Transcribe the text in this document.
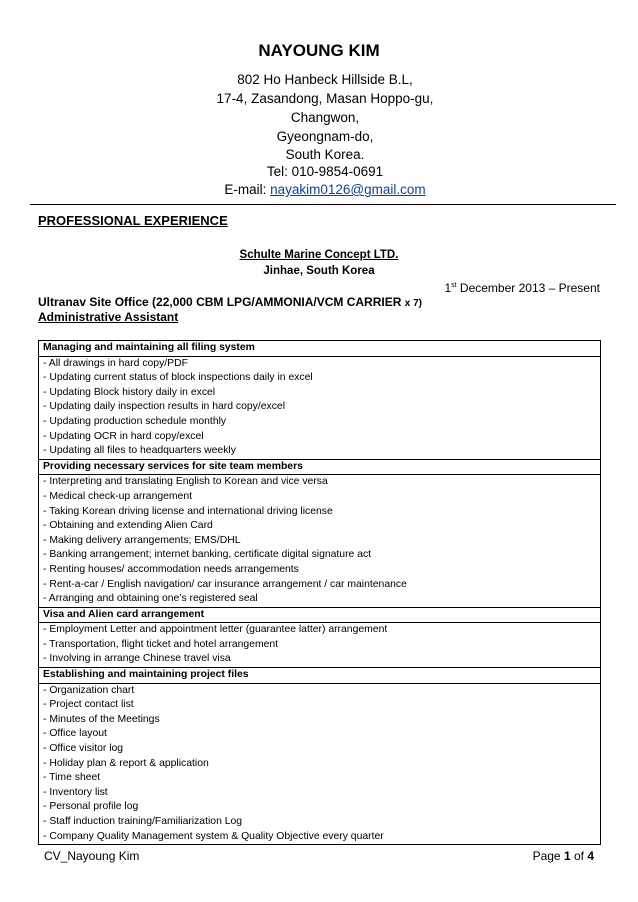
NAYOUNG KIM
802 Ho Hanbeck Hillside B.L,
17-4, Zasandong, Masan Hoppo-gu,
Changwon,
Gyeongnam-do,
South Korea.
Tel: 010-9854-0691
E-mail: nayakim0126@gmail.com
PROFESSIONAL EXPERIENCE
Schulte Marine Concept LTD.
Jinhae, South Korea
1st December 2013 – Present
Ultranav Site Office (22,000 CBM LPG/AMMONIA/VCM CARRIER x 7)
Administrative Assistant
Managing and maintaining all filing system

- All drawings in hard copy/PDF
- Updating current status of block inspections daily in excel
- Updating Block history daily in excel
- Updating daily inspection results in hard copy/excel
- Updating production schedule monthly
- Updating OCR in hard copy/excel
- Updating all files to headquarters weekly

Providing necessary services for site team members

- Interpreting and translating English to Korean and vice versa
- Medical check-up arrangement
- Taking Korean driving license and international driving license
- Obtaining and extending Alien Card
- Making delivery arrangements; EMS/DHL
- Banking arrangement; internet banking, certificate digital signature act
- Renting houses/ accommodation needs arrangements
- Rent-a-car / English navigation/ car insurance arrangement / car maintenance
- Arranging and obtaining one’s registered seal

Visa and Alien card arrangement

- Employment Letter and appointment letter (guarantee latter) arrangement
- Transportation, flight ticket and hotel arrangement
- Involving in arrange Chinese travel visa

Establishing and maintaining project files

- Organization chart
- Project contact list
- Minutes of the Meetings
- Office layout
- Office visitor log
- Holiday plan & report & application
- Time sheet
- Inventory list
- Personal profile log
- Staff induction training/Familiarization Log
- Company Quality Management system & Quality Objective every quarter
CV_Nayoung Kim	Page 1 of 4
